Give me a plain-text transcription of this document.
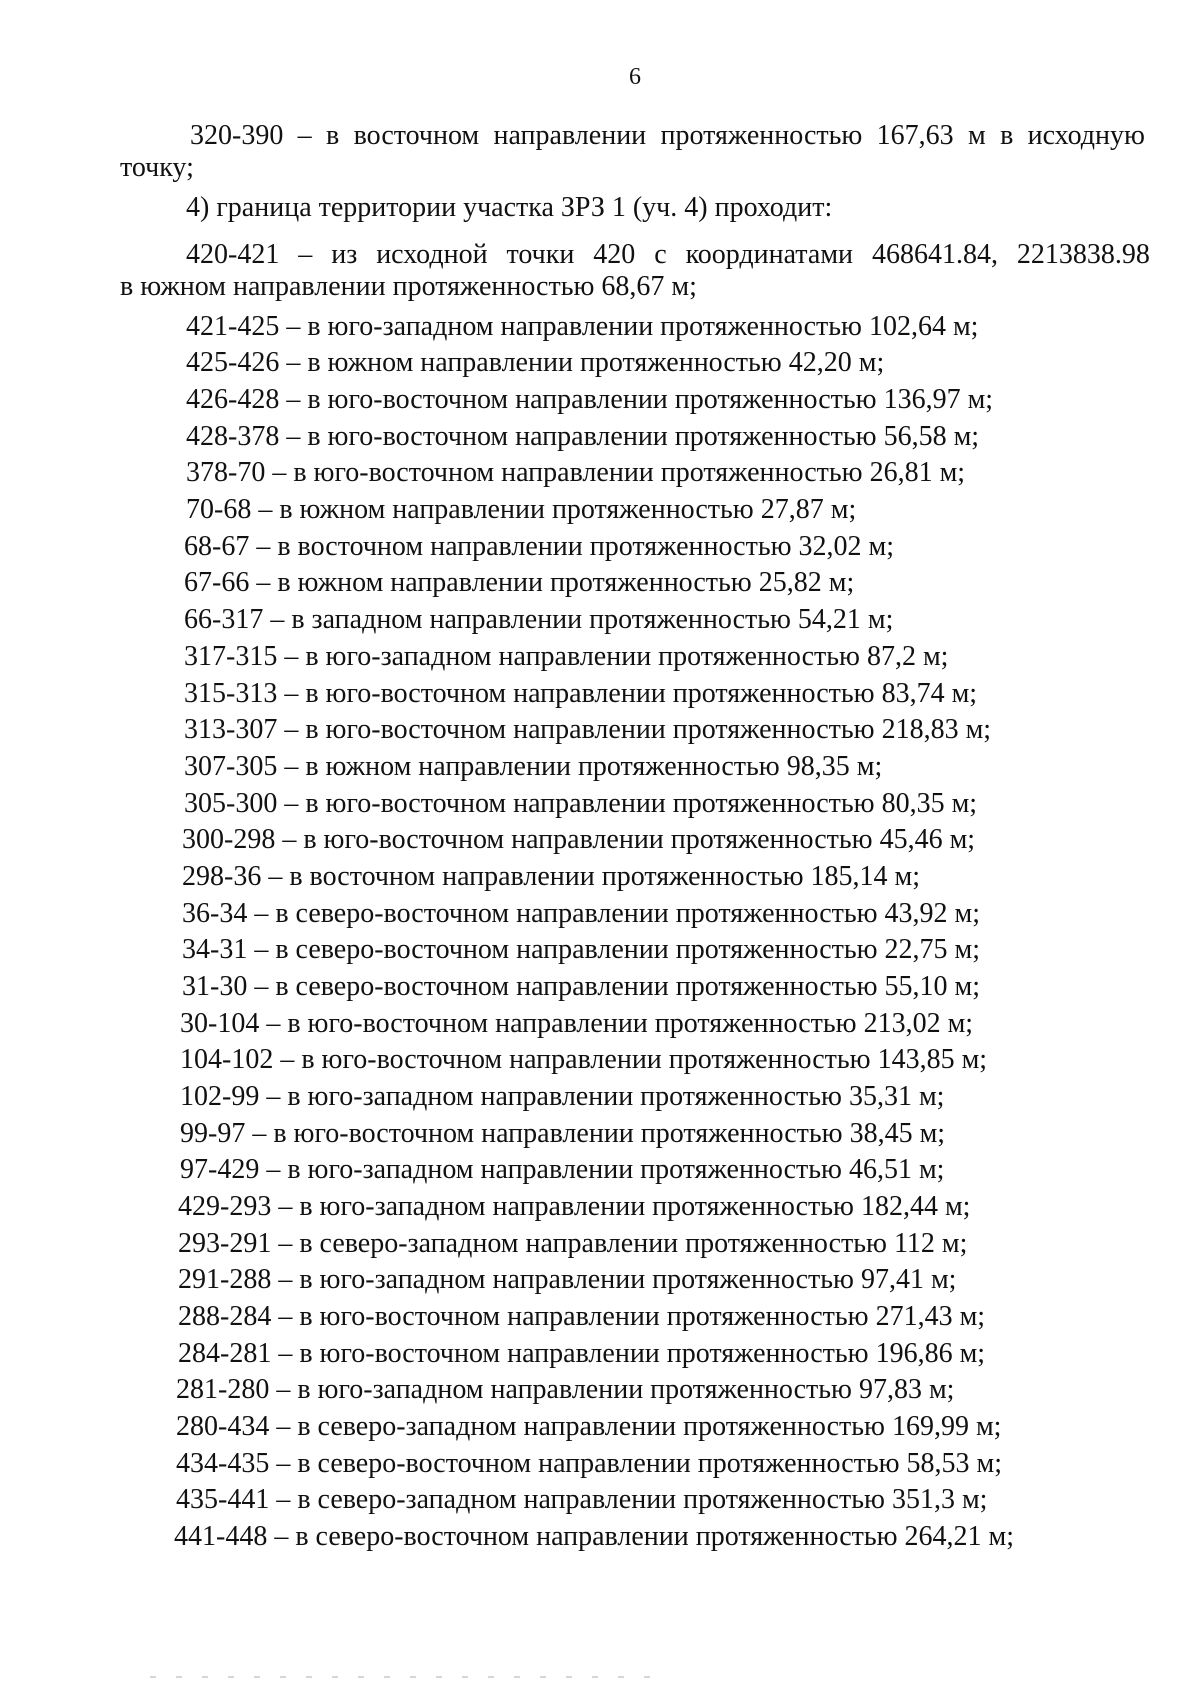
6
320-390 – в восточном направлении протяженностью 167,63 м в исходную
точку;
4) граница территории участка ЗРЗ 1 (уч. 4) проходит:
420-421 – из исходной точки 420 с координатами 468641.84, 2213838.98
в южном направлении протяженностью 68,67 м;
421-425 – в юго-западном направлении протяженностью 102,64 м;
425-426 – в южном направлении протяженностью 42,20 м;
426-428 – в юго-восточном направлении протяженностью 136,97 м;
428-378 – в юго-восточном направлении протяженностью 56,58 м;
378-70 – в юго-восточном направлении протяженностью 26,81 м;
70-68 – в южном направлении протяженностью 27,87 м;
68-67 – в восточном направлении протяженностью 32,02 м;
67-66 – в южном направлении протяженностью 25,82 м;
66-317 – в западном направлении протяженностью 54,21 м;
317-315 – в юго-западном направлении протяженностью 87,2 м;
315-313 – в юго-восточном направлении протяженностью 83,74 м;
313-307 – в юго-восточном направлении протяженностью 218,83 м;
307-305 – в южном направлении протяженностью 98,35 м;
305-300 – в юго-восточном направлении протяженностью 80,35 м;
300-298 – в юго-восточном направлении протяженностью 45,46 м;
298-36 – в восточном направлении протяженностью 185,14 м;
36-34 – в северо-восточном направлении протяженностью 43,92 м;
34-31 – в северо-восточном направлении протяженностью 22,75 м;
31-30 – в северо-восточном направлении протяженностью 55,10 м;
30-104 – в юго-восточном направлении протяженностью 213,02 м;
104-102 – в юго-восточном направлении протяженностью 143,85 м;
102-99 – в юго-западном направлении протяженностью 35,31 м;
99-97 – в юго-восточном направлении протяженностью 38,45 м;
97-429 – в юго-западном направлении протяженностью 46,51 м;
429-293 – в юго-западном направлении протяженностью 182,44 м;
293-291 – в северо-западном направлении протяженностью 112 м;
291-288 – в юго-западном направлении протяженностью 97,41 м;
288-284 – в юго-восточном направлении протяженностью 271,43 м;
284-281 – в юго-восточном направлении протяженностью 196,86 м;
281-280 – в юго-западном направлении протяженностью 97,83 м;
280-434 – в северо-западном направлении протяженностью 169,99 м;
434-435 – в северо-восточном направлении протяженностью 58,53 м;
435-441 – в северо-западном направлении протяженностью 351,3 м;
441-448 – в северо-восточном направлении протяженностью 264,21 м;
